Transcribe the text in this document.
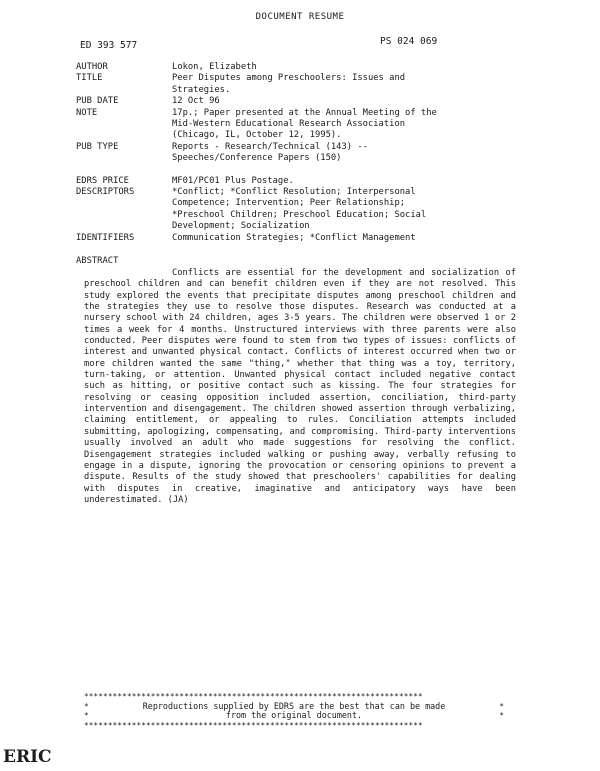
DOCUMENT RESUME
ED 393 577	PS 024 069
AUTHOR	Lokon, Elizabeth
TITLE	Peer Disputes among Preschoolers: Issues and
Strategies.
PUB DATE	12 Oct 96
NOTE	17p.; Paper presented at the Annual Meeting of the
Mid-Western Educational Research Association
(Chicago, IL, October 12, 1995).
PUB TYPE	Reports - Research/Technical (143) --
Speeches/Conference Papers (150)
EDRS PRICE	MF01/PC01 Plus Postage.
DESCRIPTORS	*Conflict; *Conflict Resolution; Interpersonal
Competence; Intervention; Peer Relationship;
*Preschool Children; Preschool Education; Social
Development; Socialization
IDENTIFIERS	Communication Strategies; *Conflict Management
ABSTRACT
Conflicts are essential for the development and socialization of preschool children and can benefit children even if they are not resolved. This study explored the events that precipitate disputes among preschool children and the strategies they use to resolve those disputes. Research was conducted at a nursery school with 24 children, ages 3-5 years. The children were observed 1 or 2 times a week for 4 months. Unstructured interviews with three parents were also conducted. Peer disputes were found to stem from two types of issues: conflicts of interest and unwanted physical contact. Conflicts of interest occurred when two or more children wanted the same "thing," whether that thing was a toy, territory, turn-taking, or attention. Unwanted physical contact included negative contact such as hitting, or positive contact such as kissing. The four strategies for resolving or ceasing opposition included assertion, conciliation, third-party intervention and disengagement. The children showed assertion through verbalizing, claiming entitlement, or appealing to rules. Conciliation attempts included submitting, apologizing, compensating, and compromising. Third-party interventions usually involved an adult who made suggestions for resolving the conflict. Disengagement strategies included walking or pushing away, verbally refusing to engage in a dispute, ignoring the provocation or censoring opinions to prevent a dispute. Results of the study showed that preschoolers' capabilities for dealing with disputes in creative, imaginative and anticipatory ways have been underestimated. (JA)
***********************************************************************
*	Reproductions supplied by EDRS are the best that can be made	*
*	from the original document.	*
***********************************************************************
ERIC
